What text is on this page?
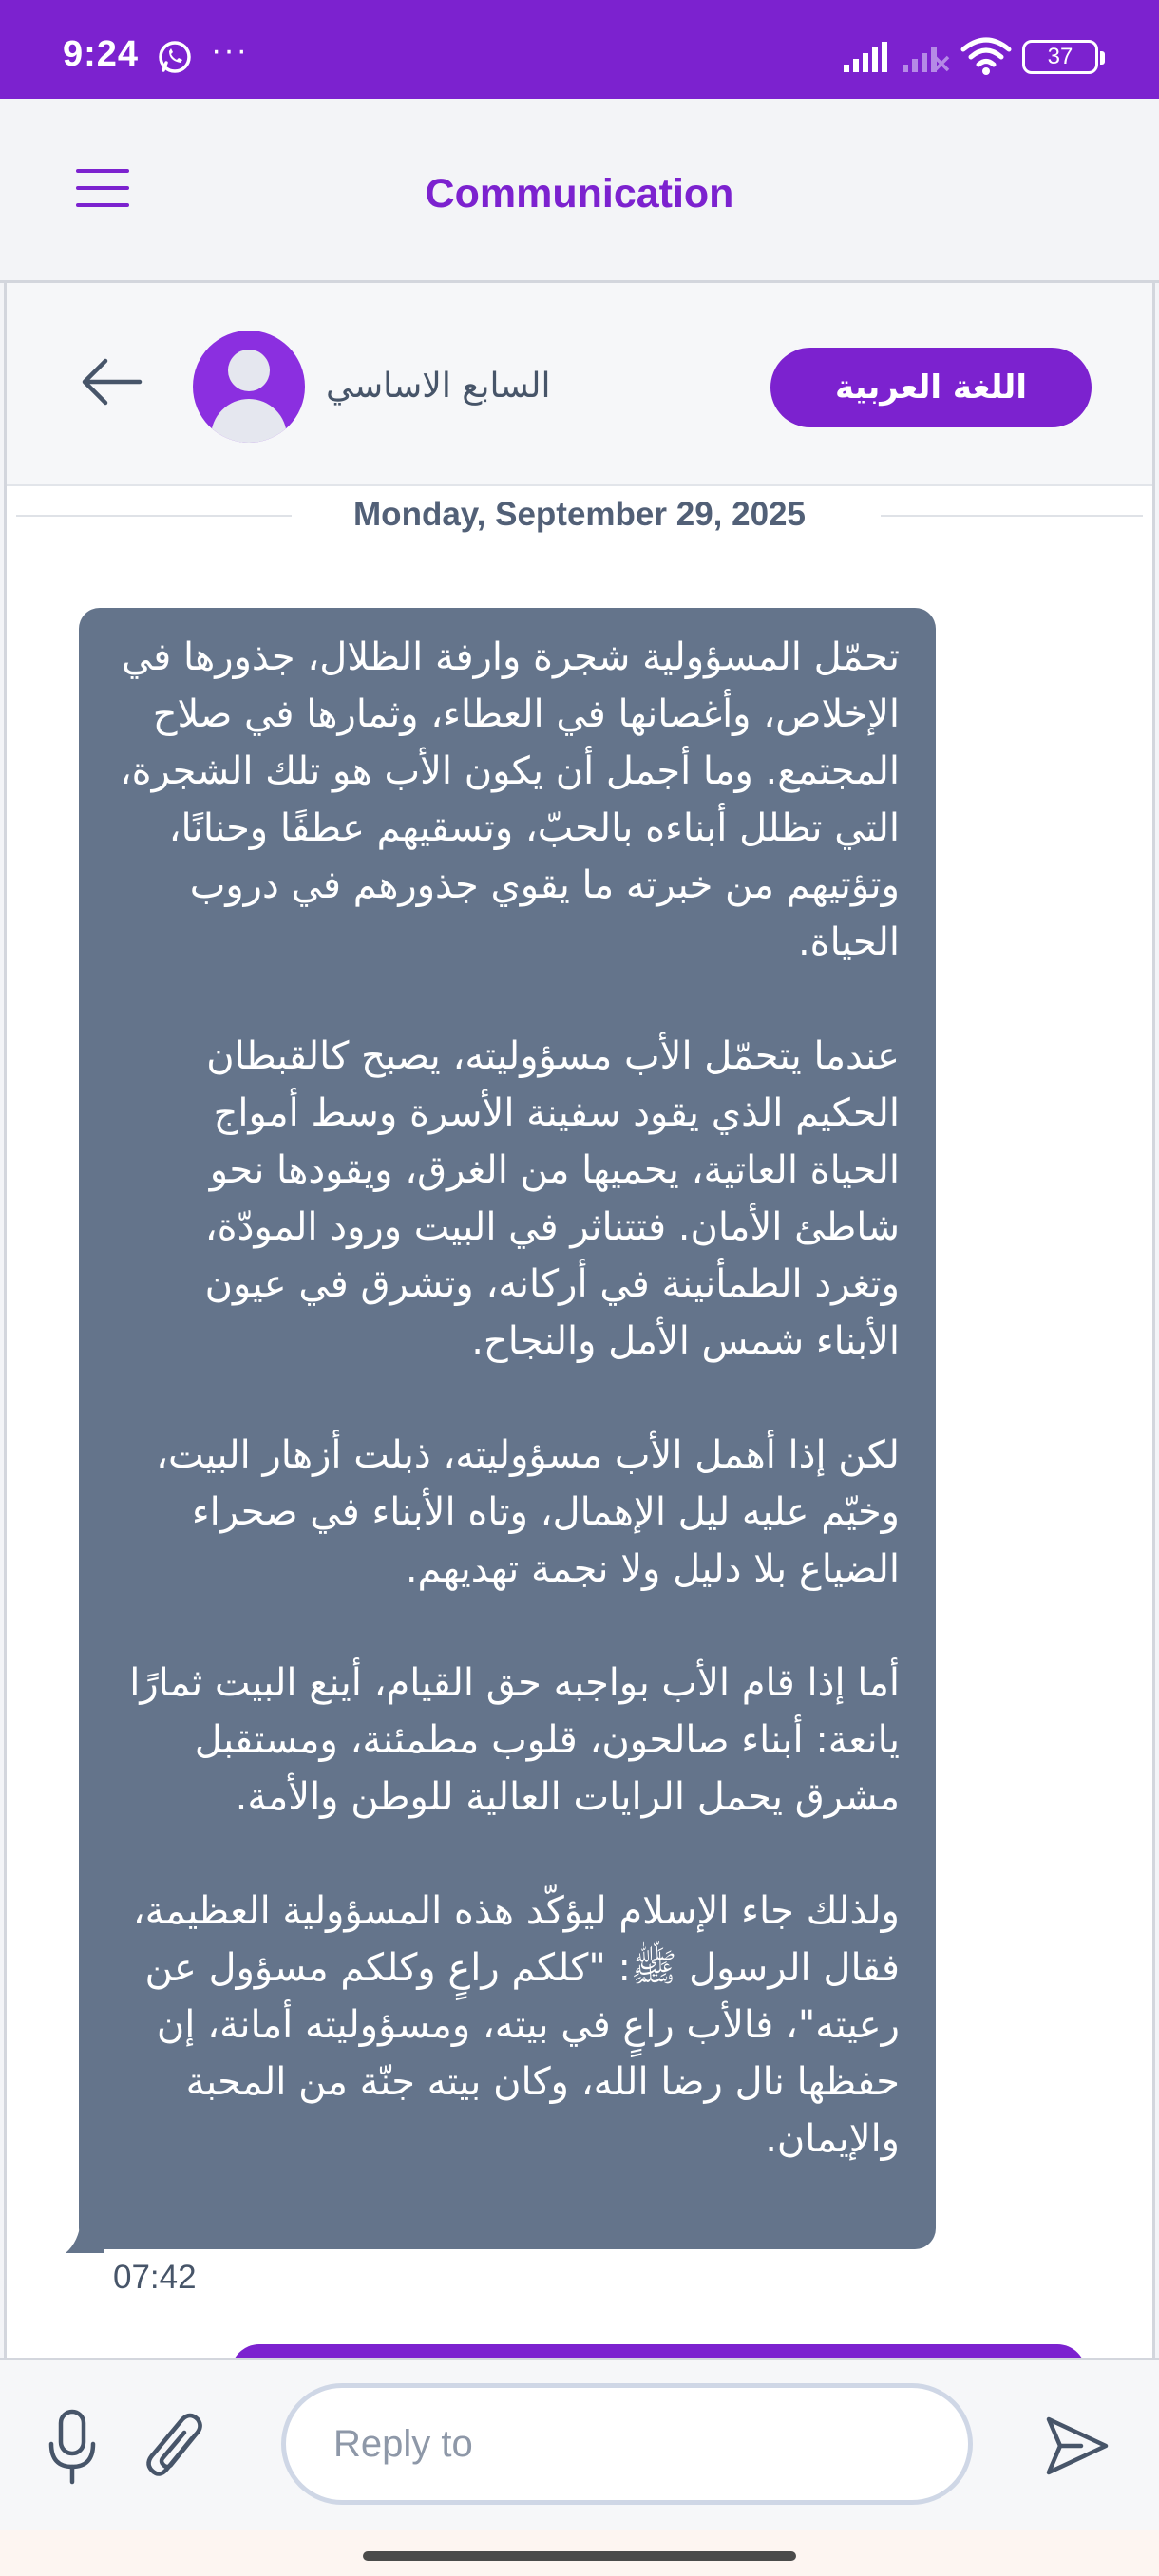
9:24 ···	37
Communication
السابع الاساسي	اللغة العربية
Monday, September 29, 2025
تحمّل المسؤولية شجرة وارفة الظلال، جذورها في الإخلاص، وأغصانها في العطاء، وثمارها في صلاح المجتمع. وما أجمل أن يكون الأب هو تلك الشجرة، التي تظلل أبناءه بالحبّ، وتسقيهم عطفًا وحنانًا، وتؤتيهم من خبرته ما يقوي جذورهم في دروب الحياة.

عندما يتحمّل الأب مسؤوليته، يصبح كالقبطان الحكيم الذي يقود سفينة الأسرة وسط أمواج الحياة العاتية، يحميها من الغرق، ويقودها نحو شاطئ الأمان. فتتناثر في البيت ورود المودّة، وتغرد الطمأنينة في أركانه، وتشرق في عيون الأبناء شمس الأمل والنجاح.

لكن إذا أهمل الأب مسؤوليته، ذبلت أزهار البيت، وخيّم عليه ليل الإهمال، وتاه الأبناء في صحراء الضياع بلا دليل ولا نجمة تهديهم.

أما إذا قام الأب بواجبه حق القيام، أينع البيت ثمارًا يانعة: أبناء صالحون، قلوب مطمئنة، ومستقبل مشرق يحمل الرايات العالية للوطن والأمة.

ولذلك جاء الإسلام ليؤكّد هذه المسؤولية العظيمة، فقال الرسول ﷺ: "كلكم راعٍ وكلكم مسؤول عن رعيته"، فالأب راعٍ في بيته، ومسؤوليته أمانة، إن حفظها نال رضا الله، وكان بيته جنّة من المحبة والإيمان.
07:42
Reply to
